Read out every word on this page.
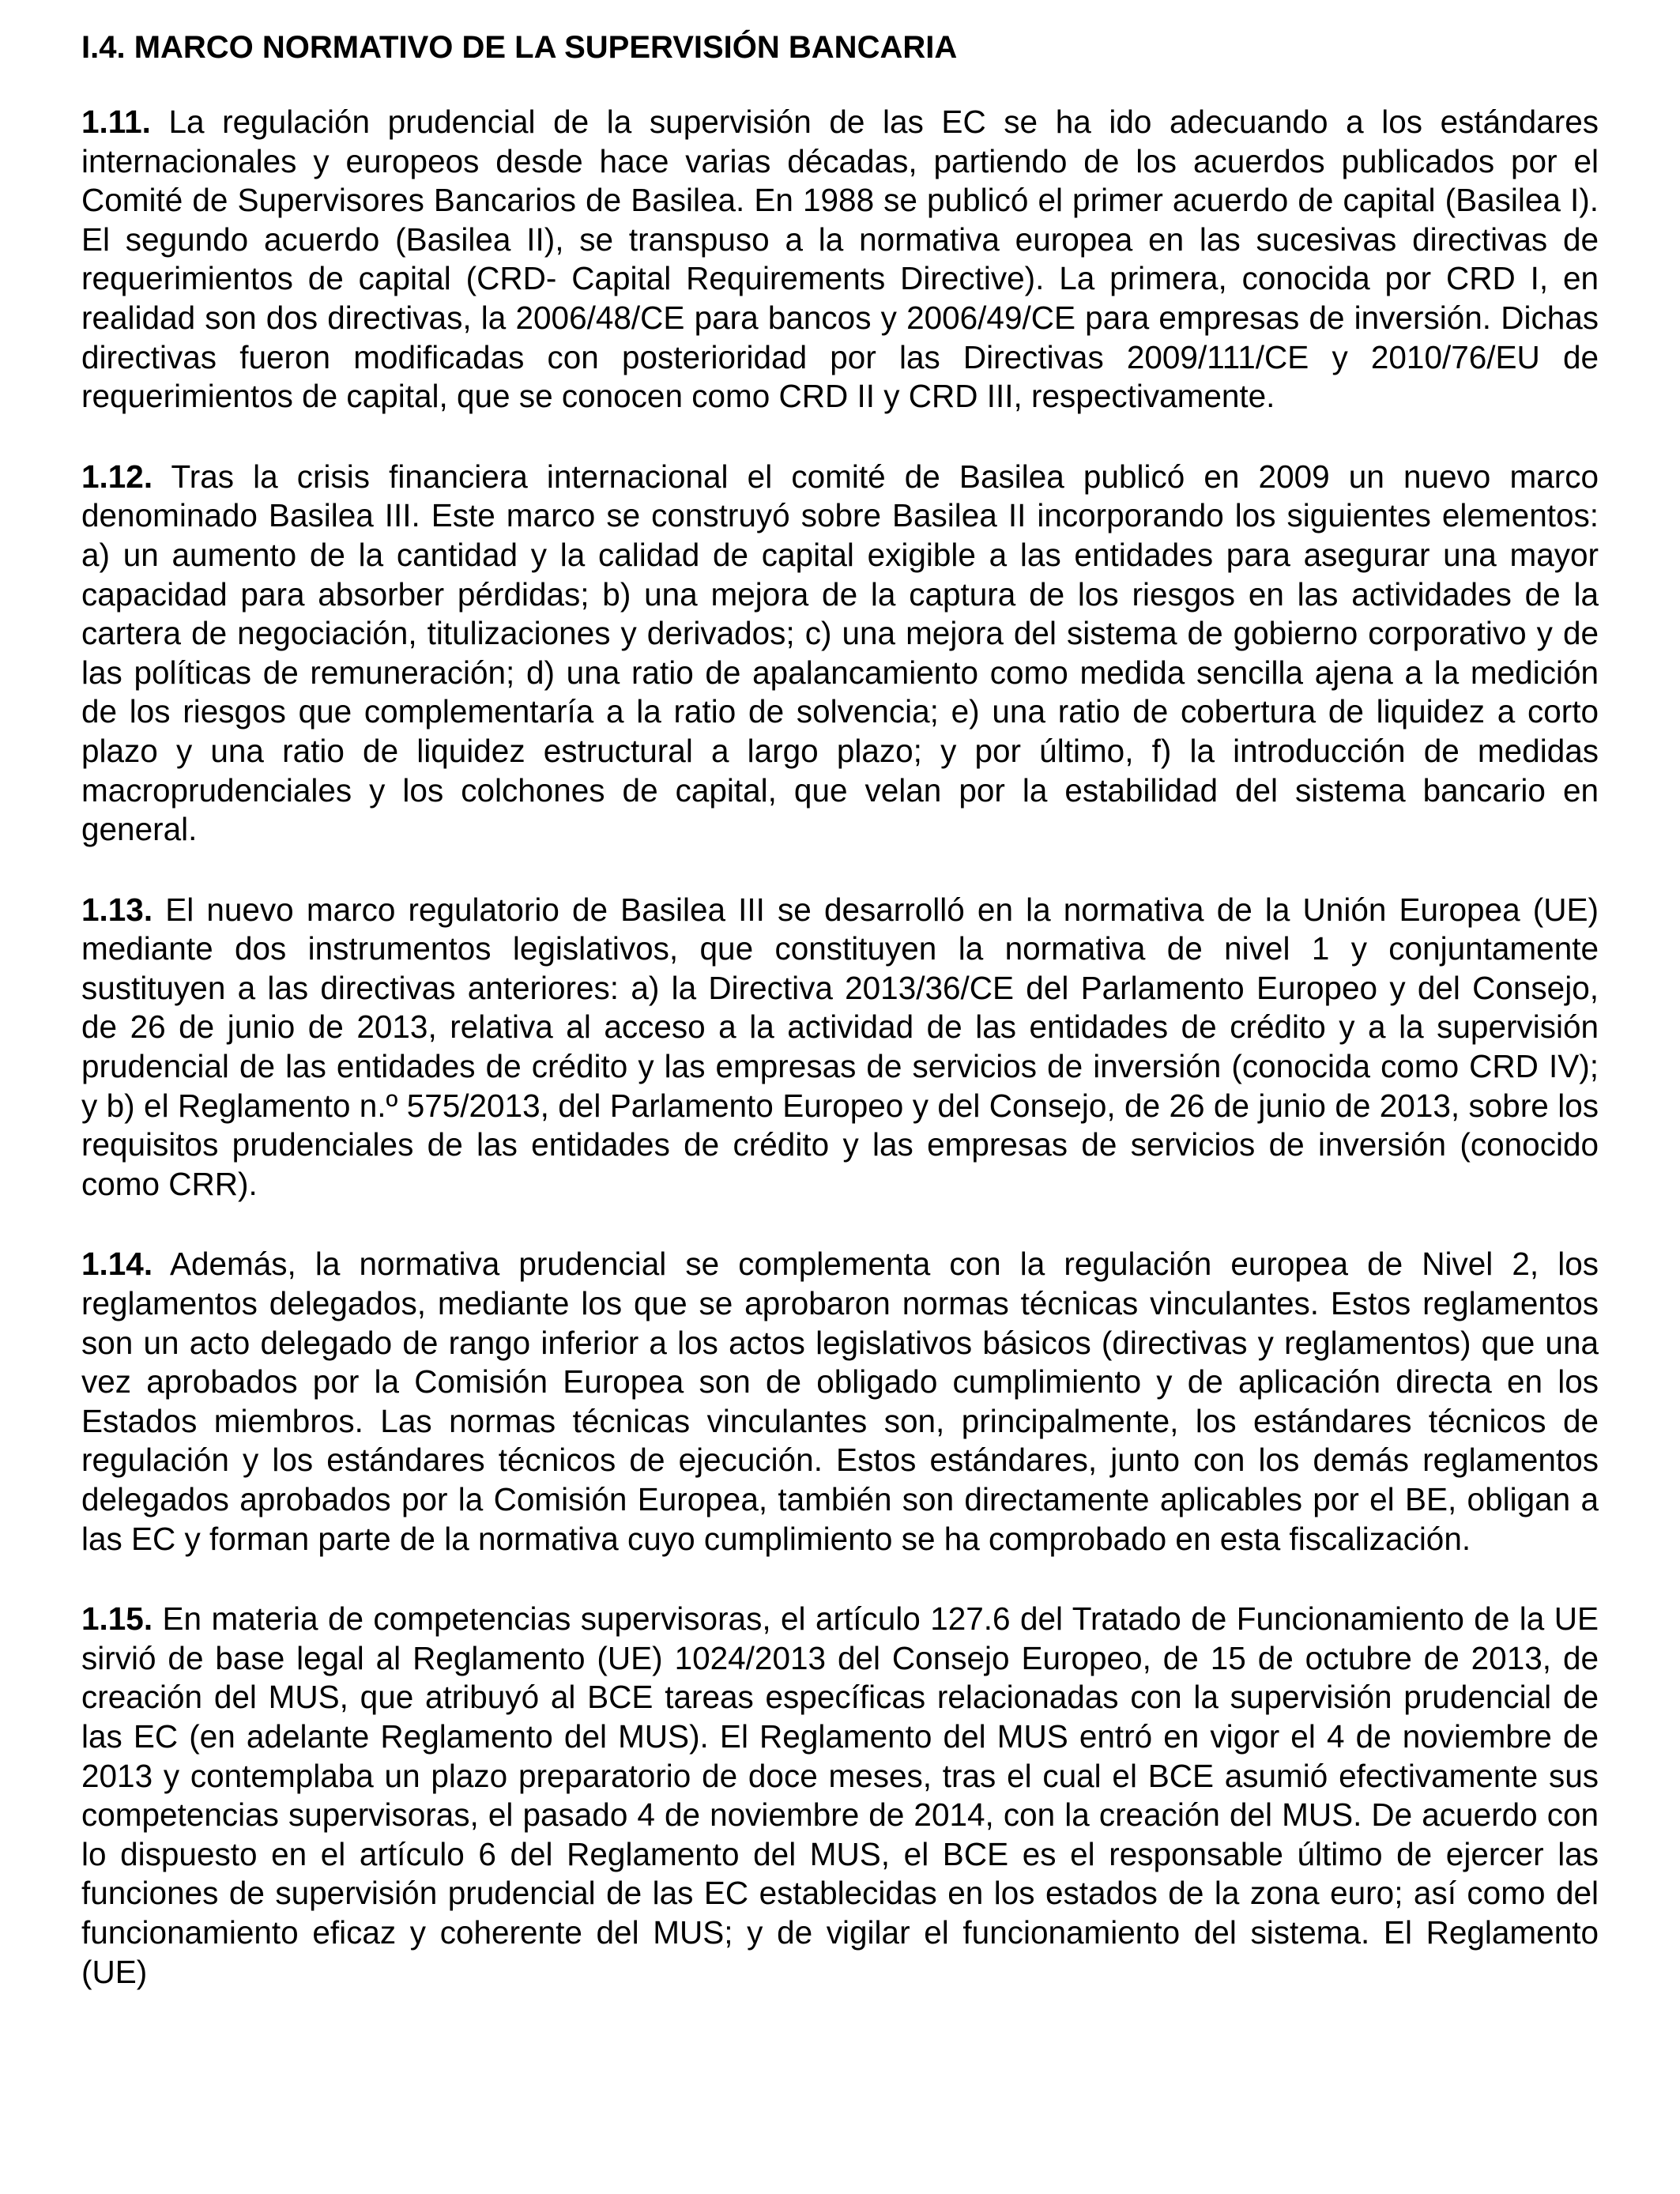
I.4. MARCO NORMATIVO DE LA SUPERVISIÓN BANCARIA

1.11. La regulación prudencial de la supervisión de las EC se ha ido adecuando a los estándares internacionales y europeos desde hace varias décadas, partiendo de los acuerdos publicados por el Comité de Supervisores Bancarios de Basilea. En 1988 se publicó el primer acuerdo de capital (Basilea I). El segundo acuerdo (Basilea II), se transpuso a la normativa europea en las sucesivas directivas de requerimientos de capital (CRD- Capital Requirements Directive). La primera, conocida por CRD I, en realidad son dos directivas, la 2006/48/CE para bancos y 2006/49/CE para empresas de inversión. Dichas directivas fueron modificadas con posterioridad por las Directivas 2009/111/CE y 2010/76/EU de requerimientos de capital, que se conocen como CRD II y CRD III, respectivamente.

1.12. Tras la crisis financiera internacional el comité de Basilea publicó en 2009 un nuevo marco denominado Basilea III. Este marco se construyó sobre Basilea II incorporando los siguientes elementos: a) un aumento de la cantidad y la calidad de capital exigible a las entidades para asegurar una mayor capacidad para absorber pérdidas; b) una mejora de la captura de los riesgos en las actividades de la cartera de negociación, titulizaciones y derivados; c) una mejora del sistema de gobierno corporativo y de las políticas de remuneración; d) una ratio de apalancamiento como medida sencilla ajena a la medición de los riesgos que complementaría a la ratio de solvencia; e) una ratio de cobertura de liquidez a corto plazo y una ratio de liquidez estructural a largo plazo; y por último, f) la introducción de medidas macroprudenciales y los colchones de capital, que velan por la estabilidad del sistema bancario en general.

1.13. El nuevo marco regulatorio de Basilea III se desarrolló en la normativa de la Unión Europea (UE) mediante dos instrumentos legislativos, que constituyen la normativa de nivel 1 y conjuntamente sustituyen a las directivas anteriores: a) la Directiva 2013/36/CE del Parlamento Europeo y del Consejo, de 26 de junio de 2013, relativa al acceso a la actividad de las entidades de crédito y a la supervisión prudencial de las entidades de crédito y las empresas de servicios de inversión (conocida como CRD IV); y b) el Reglamento n.º 575/2013, del Parlamento Europeo y del Consejo, de 26 de junio de 2013, sobre los requisitos prudenciales de las entidades de crédito y las empresas de servicios de inversión (conocido como CRR).

1.14. Además, la normativa prudencial se complementa con la regulación europea de Nivel 2, los reglamentos delegados, mediante los que se aprobaron normas técnicas vinculantes. Estos reglamentos son un acto delegado de rango inferior a los actos legislativos básicos (directivas y reglamentos) que una vez aprobados por la Comisión Europea son de obligado cumplimiento y de aplicación directa en los Estados miembros. Las normas técnicas vinculantes son, principalmente, los estándares técnicos de regulación y los estándares técnicos de ejecución. Estos estándares, junto con los demás reglamentos delegados aprobados por la Comisión Europea, también son directamente aplicables por el BE, obligan a las EC y forman parte de la normativa cuyo cumplimiento se ha comprobado en esta fiscalización.

1.15. En materia de competencias supervisoras, el artículo 127.6 del Tratado de Funcionamiento de la UE sirvió de base legal al Reglamento (UE) 1024/2013 del Consejo Europeo, de 15 de octubre de 2013, de creación del MUS, que atribuyó al BCE tareas específicas relacionadas con la supervisión prudencial de las EC (en adelante Reglamento del MUS). El Reglamento del MUS entró en vigor el 4 de noviembre de 2013 y contemplaba un plazo preparatorio de doce meses, tras el cual el BCE asumió efectivamente sus competencias supervisoras, el pasado 4 de noviembre de 2014, con la creación del MUS. De acuerdo con lo dispuesto en el artículo 6 del Reglamento del MUS, el BCE es el responsable último de ejercer las funciones de supervisión prudencial de las EC establecidas en los estados de la zona euro; así como del funcionamiento eficaz y coherente del MUS; y de vigilar el funcionamiento del sistema. El Reglamento (UE)
